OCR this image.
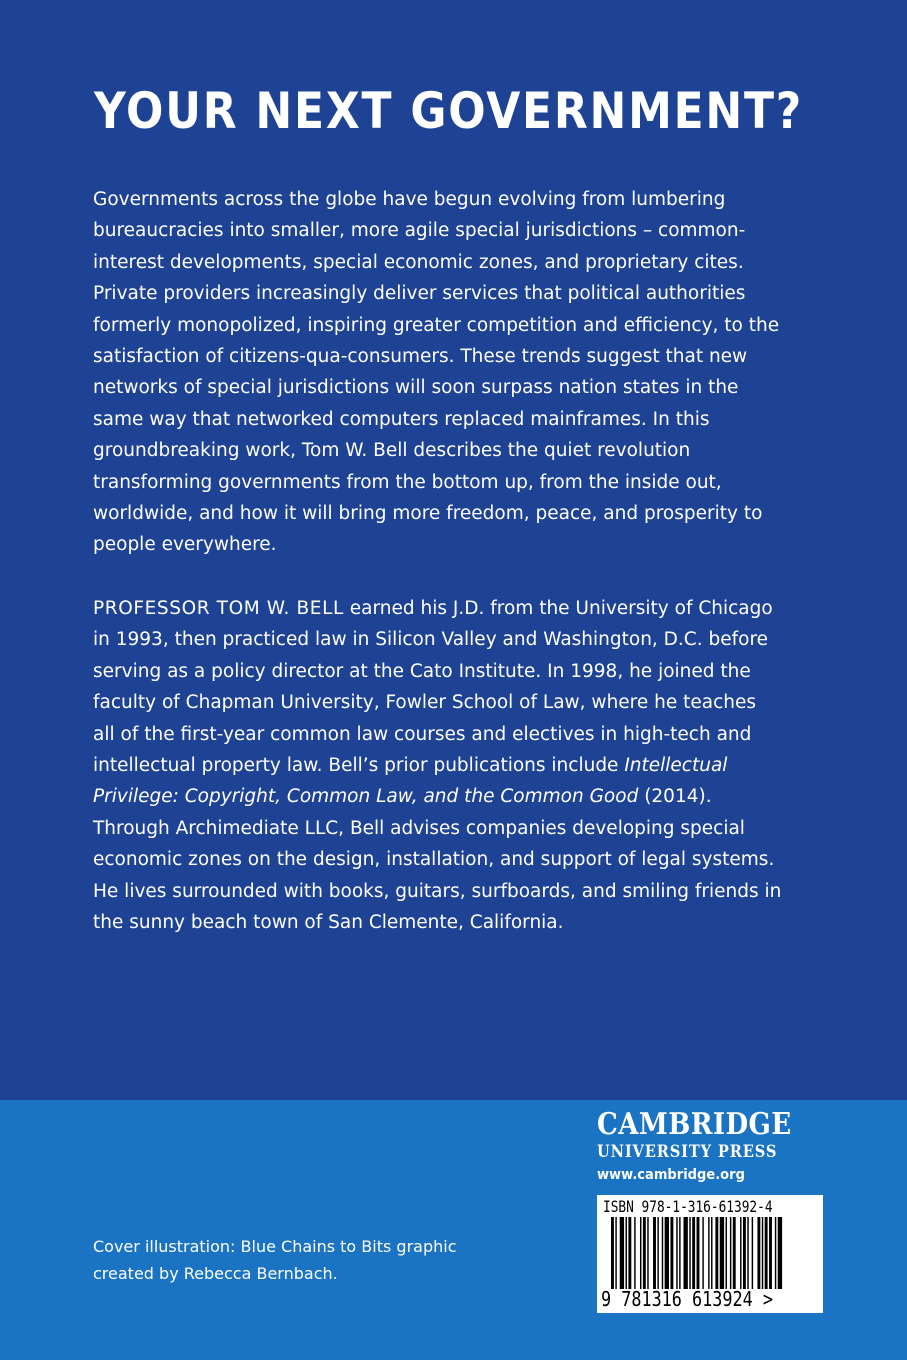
YOUR NEXT GOVERNMENT?

Governments across the globe have begun evolving from lumbering bureaucracies into smaller, more agile special jurisdictions – common-interest developments, special economic zones, and proprietary cites. Private providers increasingly deliver services that political authorities formerly monopolized, inspiring greater competition and efficiency, to the satisfaction of citizens-qua-consumers. These trends suggest that new networks of special jurisdictions will soon surpass nation states in the same way that networked computers replaced mainframes. In this groundbreaking work, Tom W. Bell describes the quiet revolution transforming governments from the bottom up, from the inside out, worldwide, and how it will bring more freedom, peace, and prosperity to people everywhere.

PROFESSOR TOM W. BELL earned his J.D. from the University of Chicago in 1993, then practiced law in Silicon Valley and Washington, D.C. before serving as a policy director at the Cato Institute. In 1998, he joined the faculty of Chapman University, Fowler School of Law, where he teaches all of the first-year common law courses and electives in high-tech and intellectual property law. Bell’s prior publications include Intellectual Privilege: Copyright, Common Law, and the Common Good (2014). Through Archimediate LLC, Bell advises companies developing special economic zones on the design, installation, and support of legal systems. He lives surrounded with books, guitars, surfboards, and smiling friends in the sunny beach town of San Clemente, California.

Cover illustration: Blue Chains to Bits graphic
created by Rebecca Bernbach.

CAMBRIDGE
UNIVERSITY PRESS
www.cambridge.org
ISBN 978-1-316-61392-4
9 781316 613924 >
